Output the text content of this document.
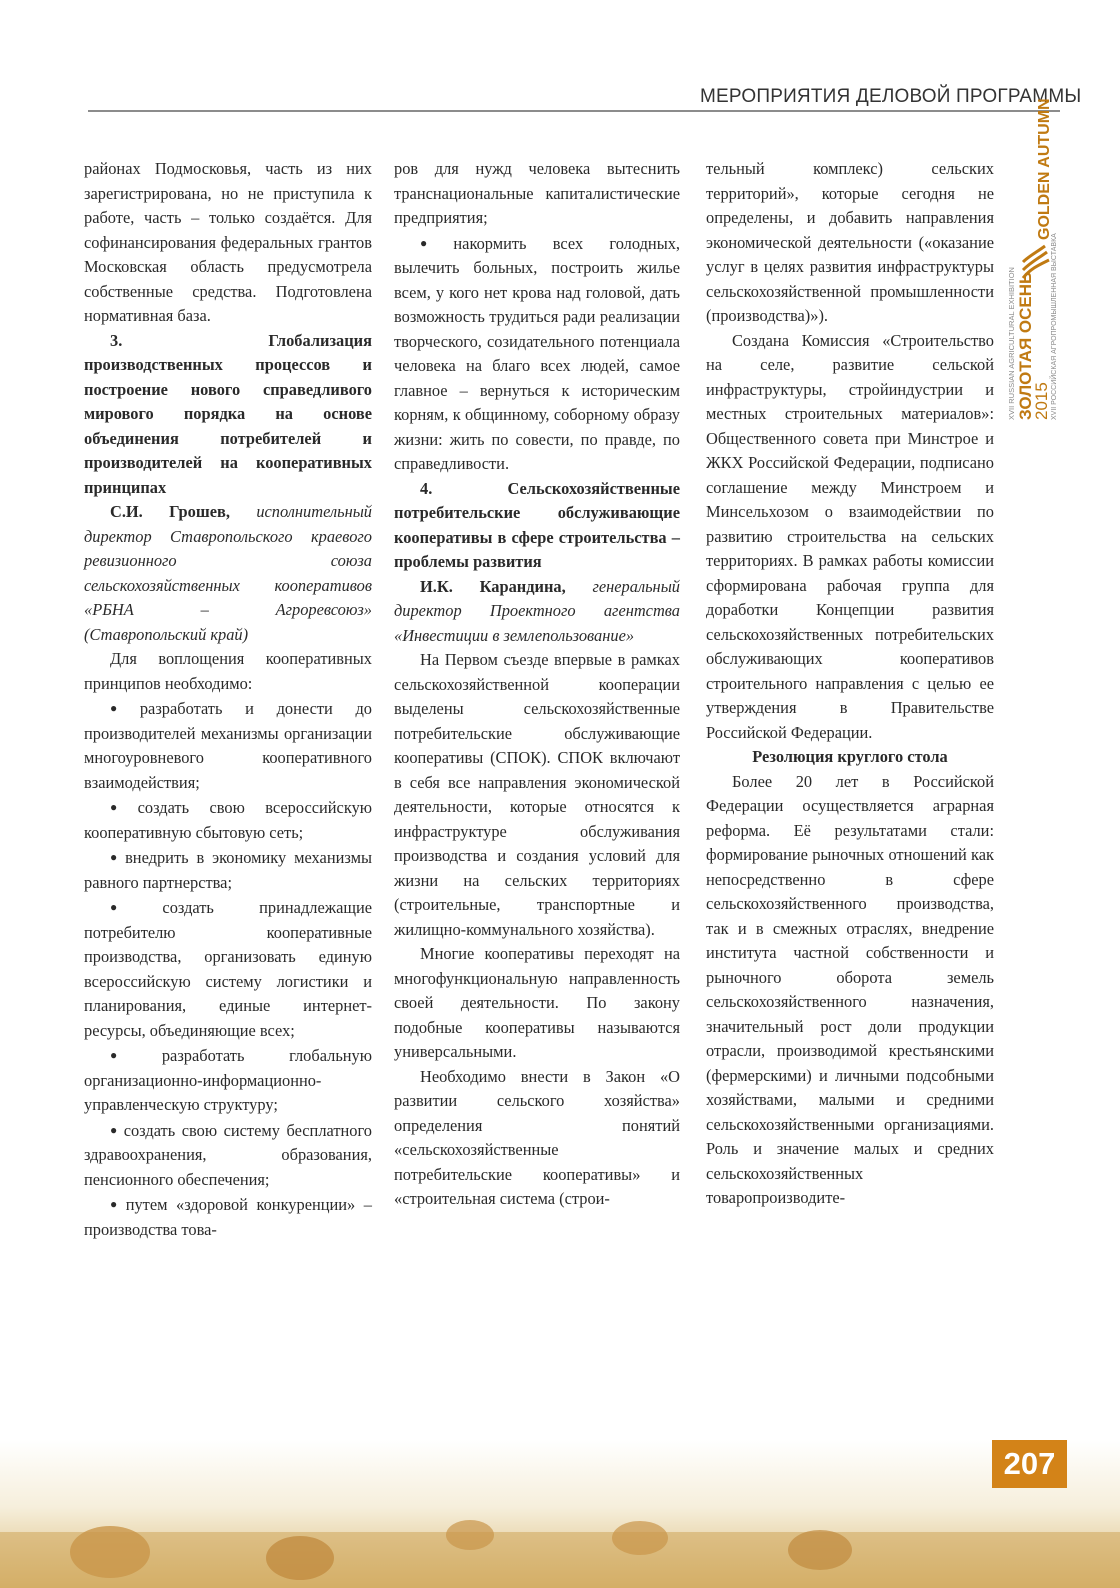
МЕРОПРИЯТИЯ ДЕЛОВОЙ ПРОГРАММЫ
XVII RUSSIAN AGRICULTURAL EXHIBITION ЗОЛОТАЯ ОСЕНЬ
2015
GOLDEN AUTUMN
XVII РОССИЙСКАЯ АГРОПРОМЫШЛЕННАЯ ВЫСТАВКА

районах Подмосковья, часть из них зарегистрирована, но не приступила к работе, часть – только создаётся. Для софинансирования федеральных грантов Московская область предусмотрела собственные средства. Подготовлена нормативная база.

3. Глобализация производственных процессов и построение нового справедливого мирового порядка на основе объединения потребителей и производителей на кооперативных принципах

С.И. Грошев, исполнительный директор Ставропольского краевого ревизионного союза сельскохозяйственных кооперативов «РБНА – Агроревсоюз» (Ставропольский край)

Для воплощения кооперативных принципов необходимо:

● разработать и донести до производителей механизмы организации многоуровневого кооперативного взаимодействия;

● создать свою всероссийскую кооперативную сбытовую сеть;

● внедрить в экономику механизмы равного партнерства;

● создать принадлежащие потребителю кооперативные производства, организовать единую всероссийскую систему логистики и планирования, единые интернет-ресурсы, объединяющие всех;

● разработать глобальную организационно-информационно-управленческую структуру;

● создать свою систему бесплатного здравоохранения, образования, пенсионного обеспечения;

● путем «здоровой конкуренции» – производства това-

ров для нужд человека вытеснить транснациональные капиталистические предприятия;

● накормить всех голодных, вылечить больных, построить жилье всем, у кого нет крова над головой, дать возможность трудиться ради реализации творческого, созидательного потенциала человека на благо всех людей, самое главное – вернуться к историческим корням, к общинному, соборному образу жизни: жить по совести, по правде, по справедливости.

4. Сельскохозяйственные потребительские обслуживающие кооперативы в сфере строительства – проблемы развития

И.К. Карандина, генеральный директор Проектного агентства «Инвестиции в землепользование»

На Первом съезде впервые в рамках сельскохозяйственной кооперации выделены сельскохозяйственные потребительские обслуживающие кооперативы (СПОК). СПОК включают в себя все направления экономической деятельности, которые относятся к инфраструктуре обслуживания производства и создания условий для жизни на сельских территориях (строительные, транспортные и жилищно-коммунального хозяйства).

Многие кооперативы переходят на многофункциональную направленность своей деятельности. По закону подобные кооперативы называются универсальными.

Необходимо внести в Закон «О развитии сельского хозяйства» определения понятий «сельскохозяйственные потребительские кооперативы» и «строительная система (строи-

тельный комплекс) сельских территорий», которые сегодня не определены, и добавить направления экономической деятельности («оказание услуг в целях развития инфраструктуры сельскохозяйственной промышленности (производства)»).

Создана Комиссия «Строительство на селе, развитие сельской инфраструктуры, стройиндустрии и местных строительных материалов»: Общественного совета при Минстрое и ЖКХ Российской Федерации, подписано соглашение между Минстроем и Минсельхозом о взаимодействии по развитию строительства на сельских территориях. В рамках работы комиссии сформирована рабочая группа для доработки Концепции развития сельскохозяйственных потребительских обслуживающих кооперативов строительного направления с целью ее утверждения в Правительстве Российской Федерации.

Резолюция круглого стола

Более 20 лет в Российской Федерации осуществляется аграрная реформа. Её результатами стали: формирование рыночных отношений как непосредственно в сфере сельскохозяйственного производства, так и в смежных отраслях, внедрение института частной собственности и рыночного оборота земель сельскохозяйственного назначения, значительный рост доли продукции отрасли, производимой крестьянскими (фермерскими) и личными подсобными хозяйствами, малыми и средними сельскохозяйственными организациями. Роль и значение малых и средних сельскохозяйственных товаропроизводите-

207
